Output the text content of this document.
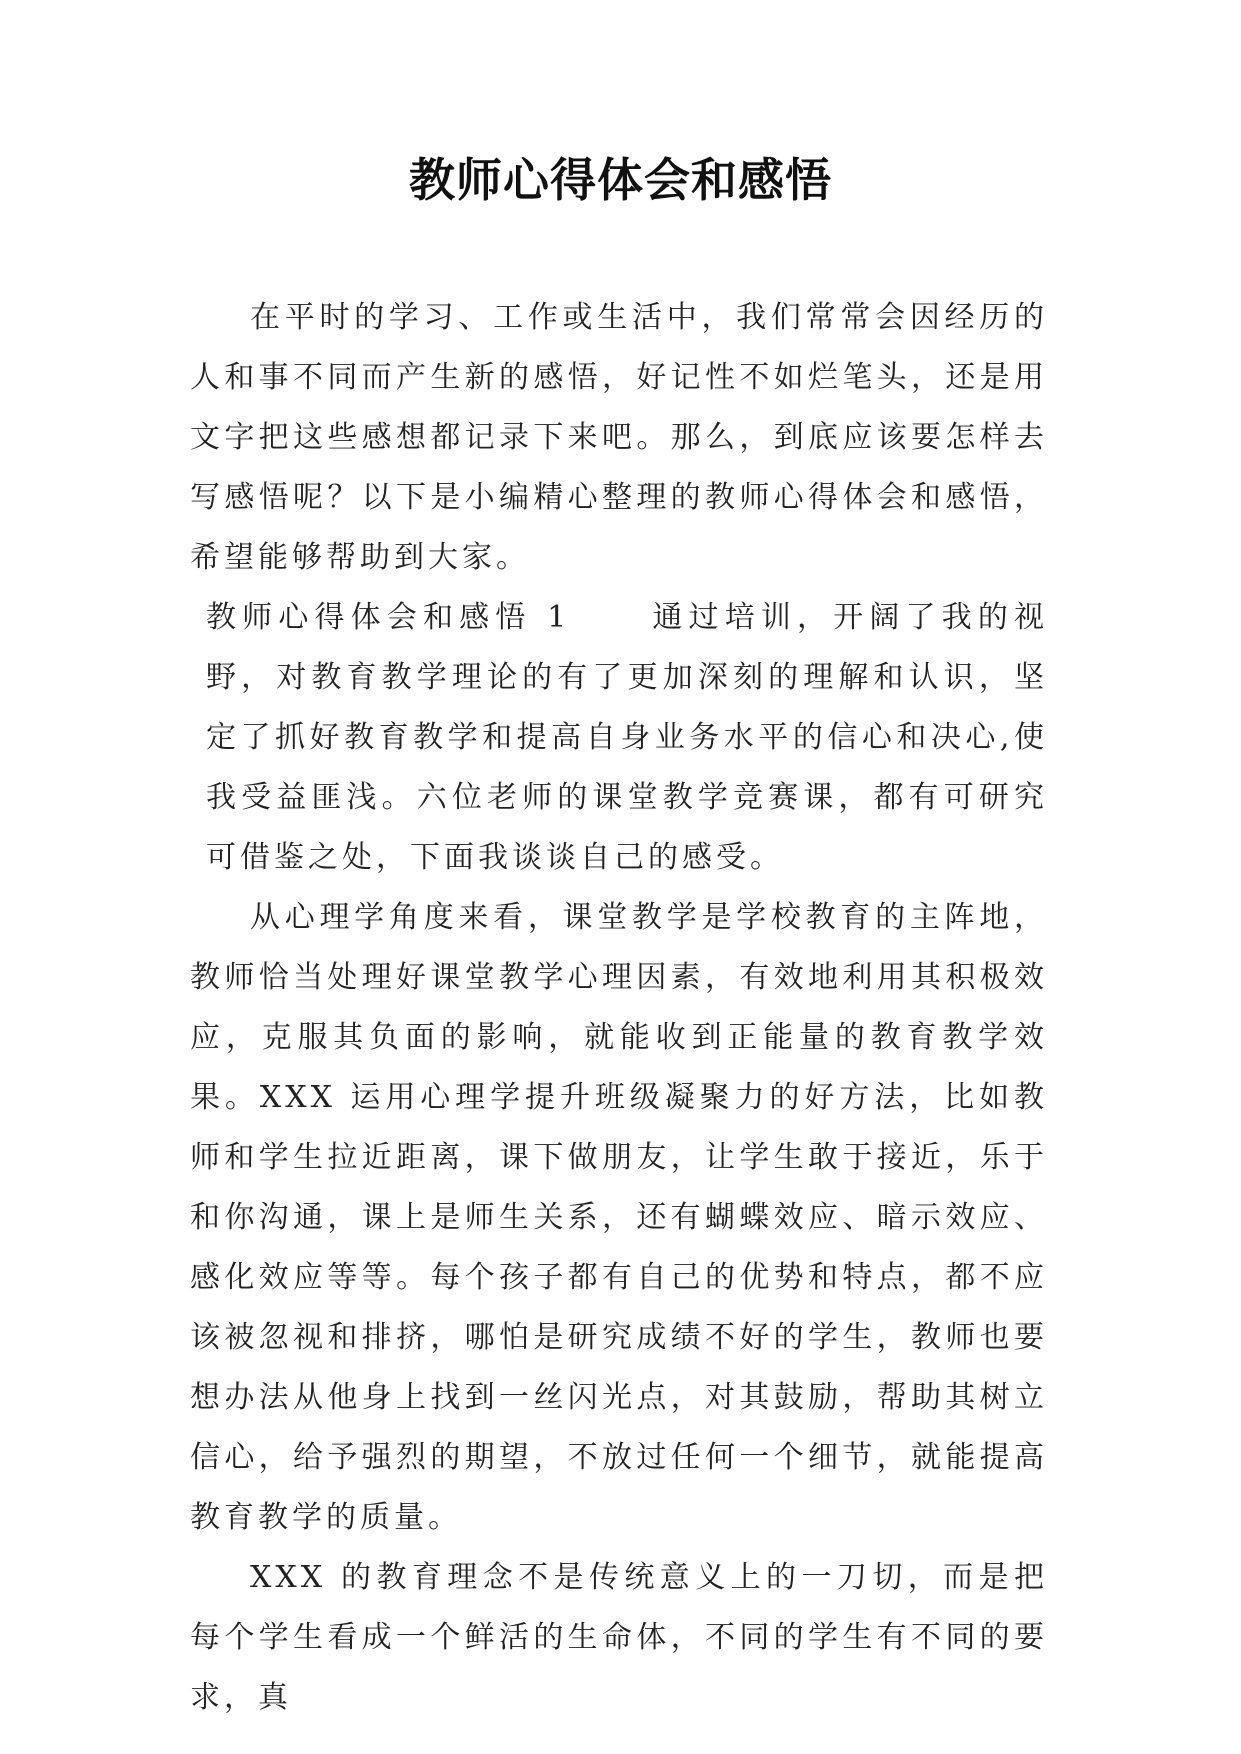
教师心得体会和感悟

在平时的学习、工作或生活中，我们常常会因经历的人和事不同而产生新的感悟，好记性不如烂笔头，还是用文字把这些感想都记录下来吧。那么，到底应该要怎样去写感悟呢？以下是小编精心整理的教师心得体会和感悟，希望能够帮助到大家。

教师心得体会和感悟 1	通过培训，开阔了我的视野，对教育教学理论的有了更加深刻的理解和认识，坚定了抓好教育教学和提高自身业务水平的信心和决心,使我受益匪浅。六位老师的课堂教学竞赛课，都有可研究可借鉴之处，下面我谈谈自己的感受。

从心理学角度来看，课堂教学是学校教育的主阵地，教师恰当处理好课堂教学心理因素，有效地利用其积极效应，克服其负面的影响，就能收到正能量的教育教学效果。XXX 运用心理学提升班级凝聚力的好方法，比如教师和学生拉近距离，课下做朋友，让学生敢于接近，乐于和你沟通，课上是师生关系，还有蝴蝶效应、暗示效应、感化效应等等。每个孩子都有自己的优势和特点，都不应该被忽视和排挤，哪怕是研究成绩不好的学生，教师也要想办法从他身上找到一丝闪光点，对其鼓励，帮助其树立信心，给予强烈的期望，不放过任何一个细节，就能提高教育教学的质量。

XXX 的教育理念不是传统意义上的一刀切，而是把每个学生看成一个鲜活的生命体，不同的学生有不同的要求，真
